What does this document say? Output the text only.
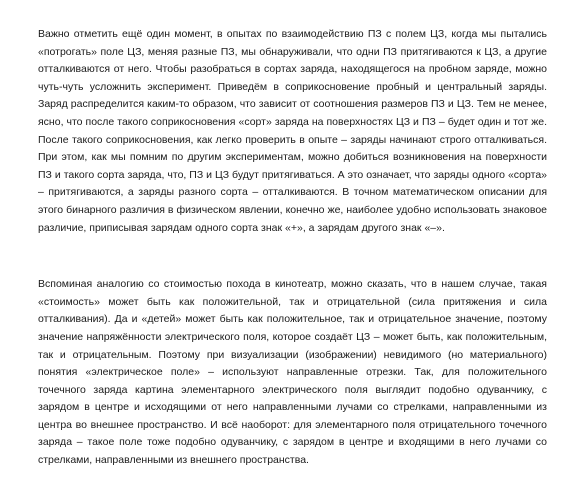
Важно отметить ещё один момент, в опытах по взаимодействию ПЗ с полем ЦЗ, когда мы пытались «потрогать» поле ЦЗ, меняя разные ПЗ, мы обнаруживали, что одни ПЗ притягиваются к ЦЗ, а другие отталкиваются от него. Чтобы разобраться в сортах заряда, находящегося на пробном заряде, можно чуть-чуть усложнить эксперимент. Приведём в соприкосновение пробный и центральный заряды. Заряд распределится каким-то образом, что зависит от соотношения размеров ПЗ и ЦЗ. Тем не менее, ясно, что после такого соприкосновения «сорт» заряда на поверхностях ЦЗ и ПЗ – будет один и тот же. После такого соприкосновения, как легко проверить в опыте – заряды начинают строго отталкиваться. При этом, как мы помним по другим экспериментам, можно добиться возникновения на поверхности ПЗ и такого сорта заряда, что, ПЗ и ЦЗ будут притягиваться. А это означает, что заряды одного «сорта» – притягиваются, а заряды разного сорта – отталкиваются. В точном математическом описании для этого бинарного различия в физическом явлении, конечно же, наиболее удобно использовать знаковое различие, приписывая зарядам одного сорта знак «+», а зарядам другого знак «–».

Вспоминая аналогию со стоимостью похода в кинотеатр, можно сказать, что в нашем случае, такая «стоимость» может быть как положительной, так и отрицательной (сила притяжения и сила отталкивания). Да и «детей» может быть как положительное, так и отрицательное значение, поэтому значение напряжённости электрического поля, которое создаёт ЦЗ – может быть, как положительным, так и отрицательным. Поэтому при визуализации (изображении) невидимого (но материального) понятия «электрическое поле» – используют направленные отрезки. Так, для положительного точечного заряда картина элементарного электрического поля выглядит подобно одуванчику, с зарядом в центре и исходящими от него направленными лучами со стрелками, направленными из центра во внешнее пространство. И всё наоборот: для элементарного поля отрицательного точечного заряда – такое поле тоже подобно одуванчику, с зарядом в центре и входящими в него лучами со стрелками, направленными из внешнего пространства.
